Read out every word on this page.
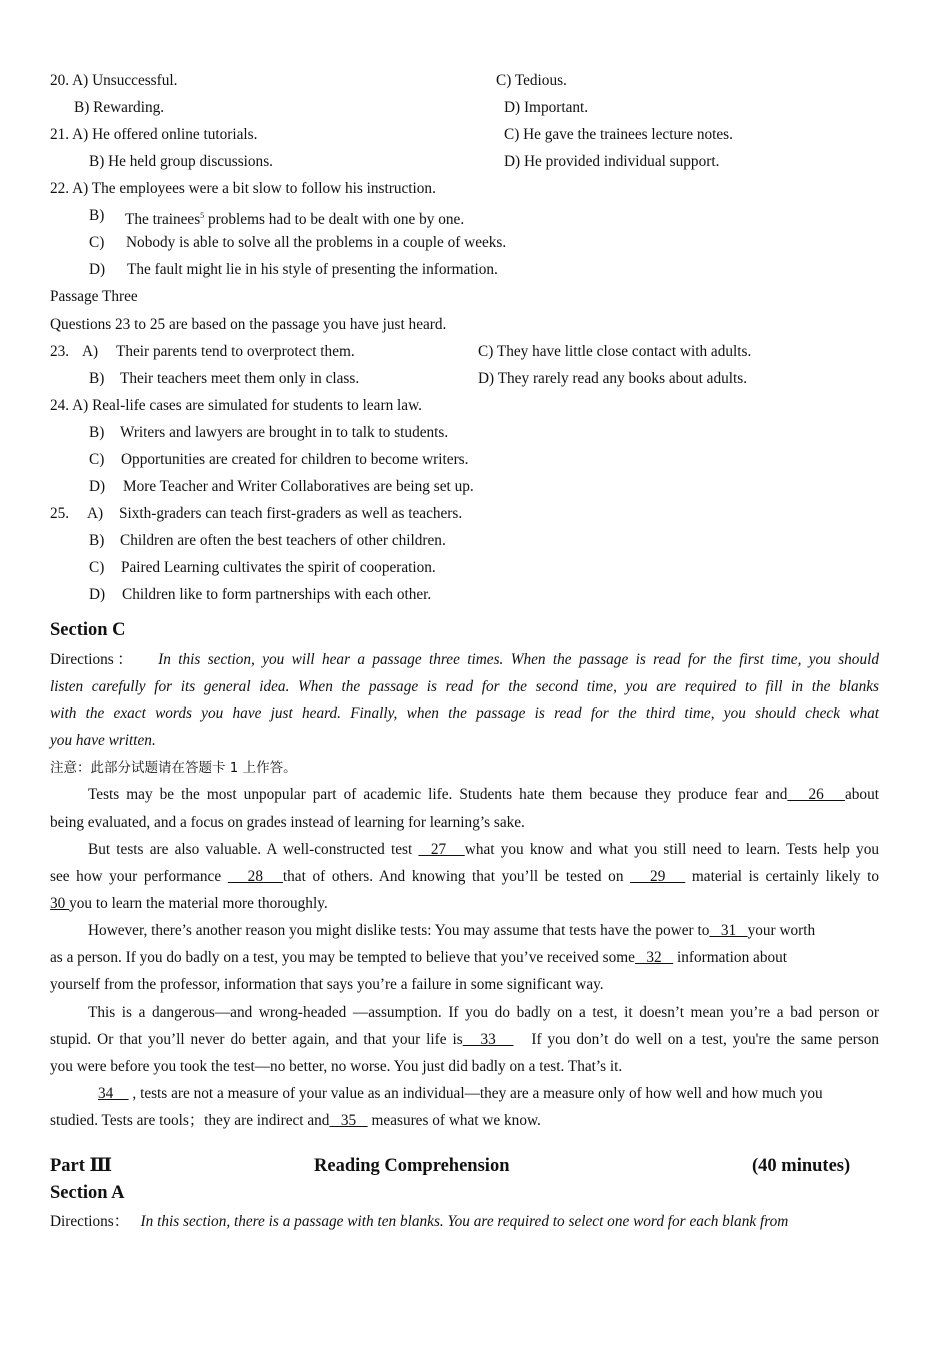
20. A) Unsuccessful.	C) Tedious.
B) Rewarding.	D) Important.
21. A) He offered online tutorials.	C) He gave the trainees lecture notes.
B) He held group discussions.	D) He provided individual support.
22. A) The employees were a bit slow to follow his instruction.
B) The trainees$^5$ problems had to be dealt with one by one.
C) Nobody is able to solve all the problems in a couple of weeks.
D) The fault might lie in his style of presenting the information.
Passage Three
Questions 23 to 25 are based on the passage you have just heard.
23. A) Their parents tend to overprotect them.	C) They have little close contact with adults.
B) Their teachers meet them only in class.	D) They rarely read any books about adults.
24. A) Real-life cases are simulated for students to learn law.
B) Writers and lawyers are brought in to talk to students.
C) Opportunities are created for children to become writers.
D) More Teacher and Writer Collaboratives are being set up.
25. A) Sixth-graders can teach first-graders as well as teachers.
B) Children are often the best teachers of other children.
C) Paired Learning cultivates the spirit of cooperation.
D) Children like to form partnerships with each other.
Section C
Directions： In this section, you will hear a passage three times. When the passage is read for the first time, you should
listen carefully for its general idea. When the passage is read for the second time, you are required to fill in the blanks
with the exact words you have just heard. Finally, when the passage is read for the third time, you should check what
you have written.
注意：此部分试题请在答题卡 1 上作答。
Tests may be the most unpopular part of academic life. Students hate them because they produce fear and   26   about
being evaluated, and a focus on grades instead of learning for learning’s sake.
But tests are also valuable. A well-constructed test   27   what you know and what you still need to learn. Tests help you
see how your performance    28   that of others. And knowing that you’ll be tested on    29    material is certainly likely to
30 you to learn the material more thoroughly.
However, there’s another reason you might dislike tests: You may assume that tests have the power to   31   your worth
as a person. If you do badly on a test, you may be tempted to believe that you’ve received some   32    information about
yourself from the professor, information that says you’re a failure in some significant way.
This is a dangerous—and wrong-headed —assumption. If you do badly on a test, it doesn’t mean you’re a bad person or
stupid. Or that you’ll never do better again, and that your life is   33      If you don’t do well on a test, you're the same person
you were before you took the test—no better, no worse. You just did badly on a test. That’s it.
34     , tests are not a measure of your value as an individual—they are a measure only of how well and how much you
studied. Tests are tools；they are indirect and   35    measures of what we know.
Part Ⅲ	Reading Comprehension	(40 minutes)
Section A
Directions： In this section, there is a passage with ten blanks. You are required to select one word for each blank from
